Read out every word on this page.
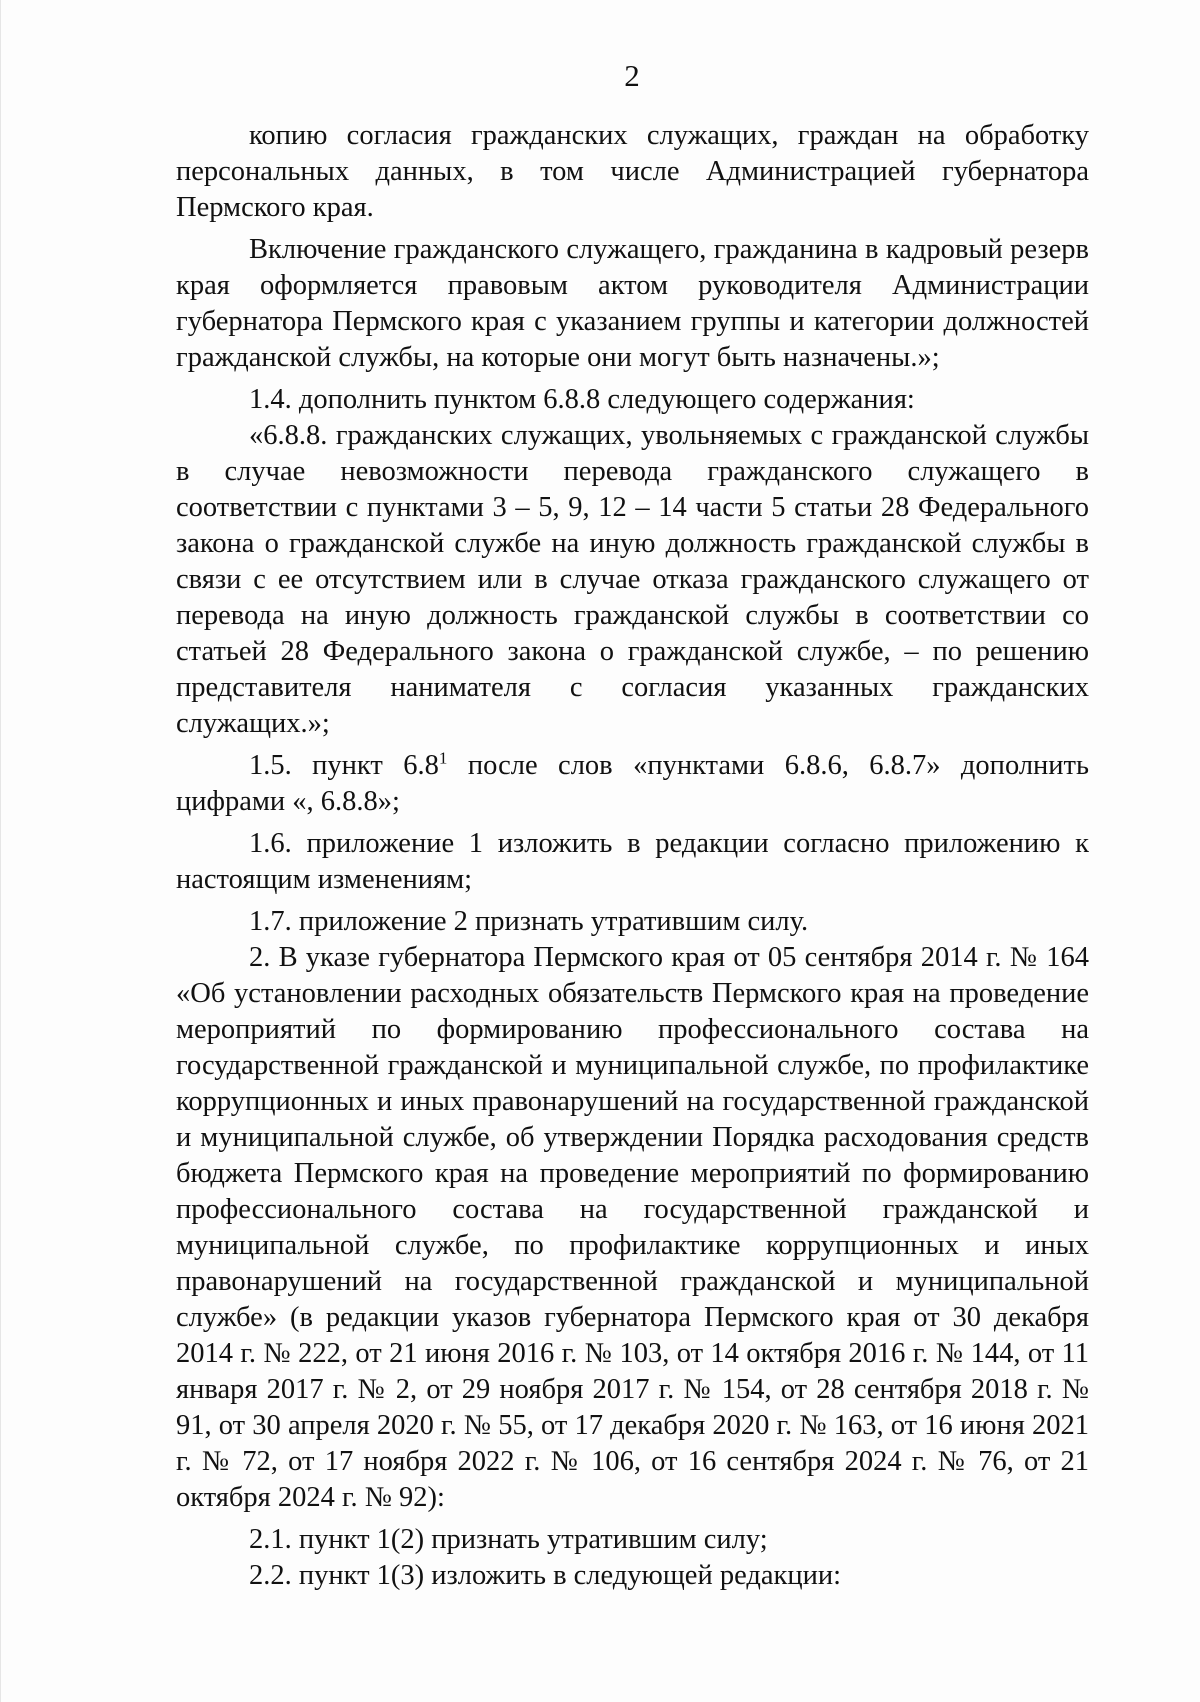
2

копию согласия гражданских служащих, граждан на обработку персональных данных, в том числе Администрацией губернатора Пермского края.

Включение гражданского служащего, гражданина в кадровый резерв края оформляется правовым актом руководителя Администрации губернатора Пермского края с указанием группы и категории должностей гражданской службы, на которые они могут быть назначены.»;

1.4. дополнить пунктом 6.8.8 следующего содержания:

«6.8.8. гражданских служащих, увольняемых с гражданской службы в случае невозможности перевода гражданского служащего в соответствии с пунктами 3 – 5, 9, 12 – 14 части 5 статьи 28 Федерального закона о гражданской службе на иную должность гражданской службы в связи с ее отсутствием или в случае отказа гражданского служащего от перевода на иную должность гражданской службы в соответствии со статьей 28 Федерального закона о гражданской службе, – по решению представителя нанимателя с согласия указанных гражданских служащих.»;

1.5. пункт $6.8^1$ после слов «пунктами 6.8.6, 6.8.7» дополнить цифрами «, 6.8.8»;

1.6. приложение 1 изложить в редакции согласно приложению к настоящим изменениям;

1.7. приложение 2 признать утратившим силу.

2. В указе губернатора Пермского края от 05 сентября 2014 г. № 164 «Об установлении расходных обязательств Пермского края на проведение мероприятий по формированию профессионального состава на государственной гражданской и муниципальной службе, по профилактике коррупционных и иных правонарушений на государственной гражданской и муниципальной службе, об утверждении Порядка расходования средств бюджета Пермского края на проведение мероприятий по формированию профессионального состава на государственной гражданской и муниципальной службе, по профилактике коррупционных и иных правонарушений на государственной гражданской и муниципальной службе» (в редакции указов губернатора Пермского края от 30 декабря 2014 г. № 222, от 21 июня 2016 г. № 103, от 14 октября 2016 г. № 144, от 11 января 2017 г. № 2, от 29 ноября 2017 г. № 154, от 28 сентября 2018 г. № 91, от 30 апреля 2020 г. № 55, от 17 декабря 2020 г. № 163, от 16 июня 2021 г. № 72, от 17 ноября 2022 г. № 106, от 16 сентября 2024 г. № 76, от 21 октября 2024 г. № 92):

2.1. пункт 1(2) признать утратившим силу;

2.2. пункт 1(3) изложить в следующей редакции:
